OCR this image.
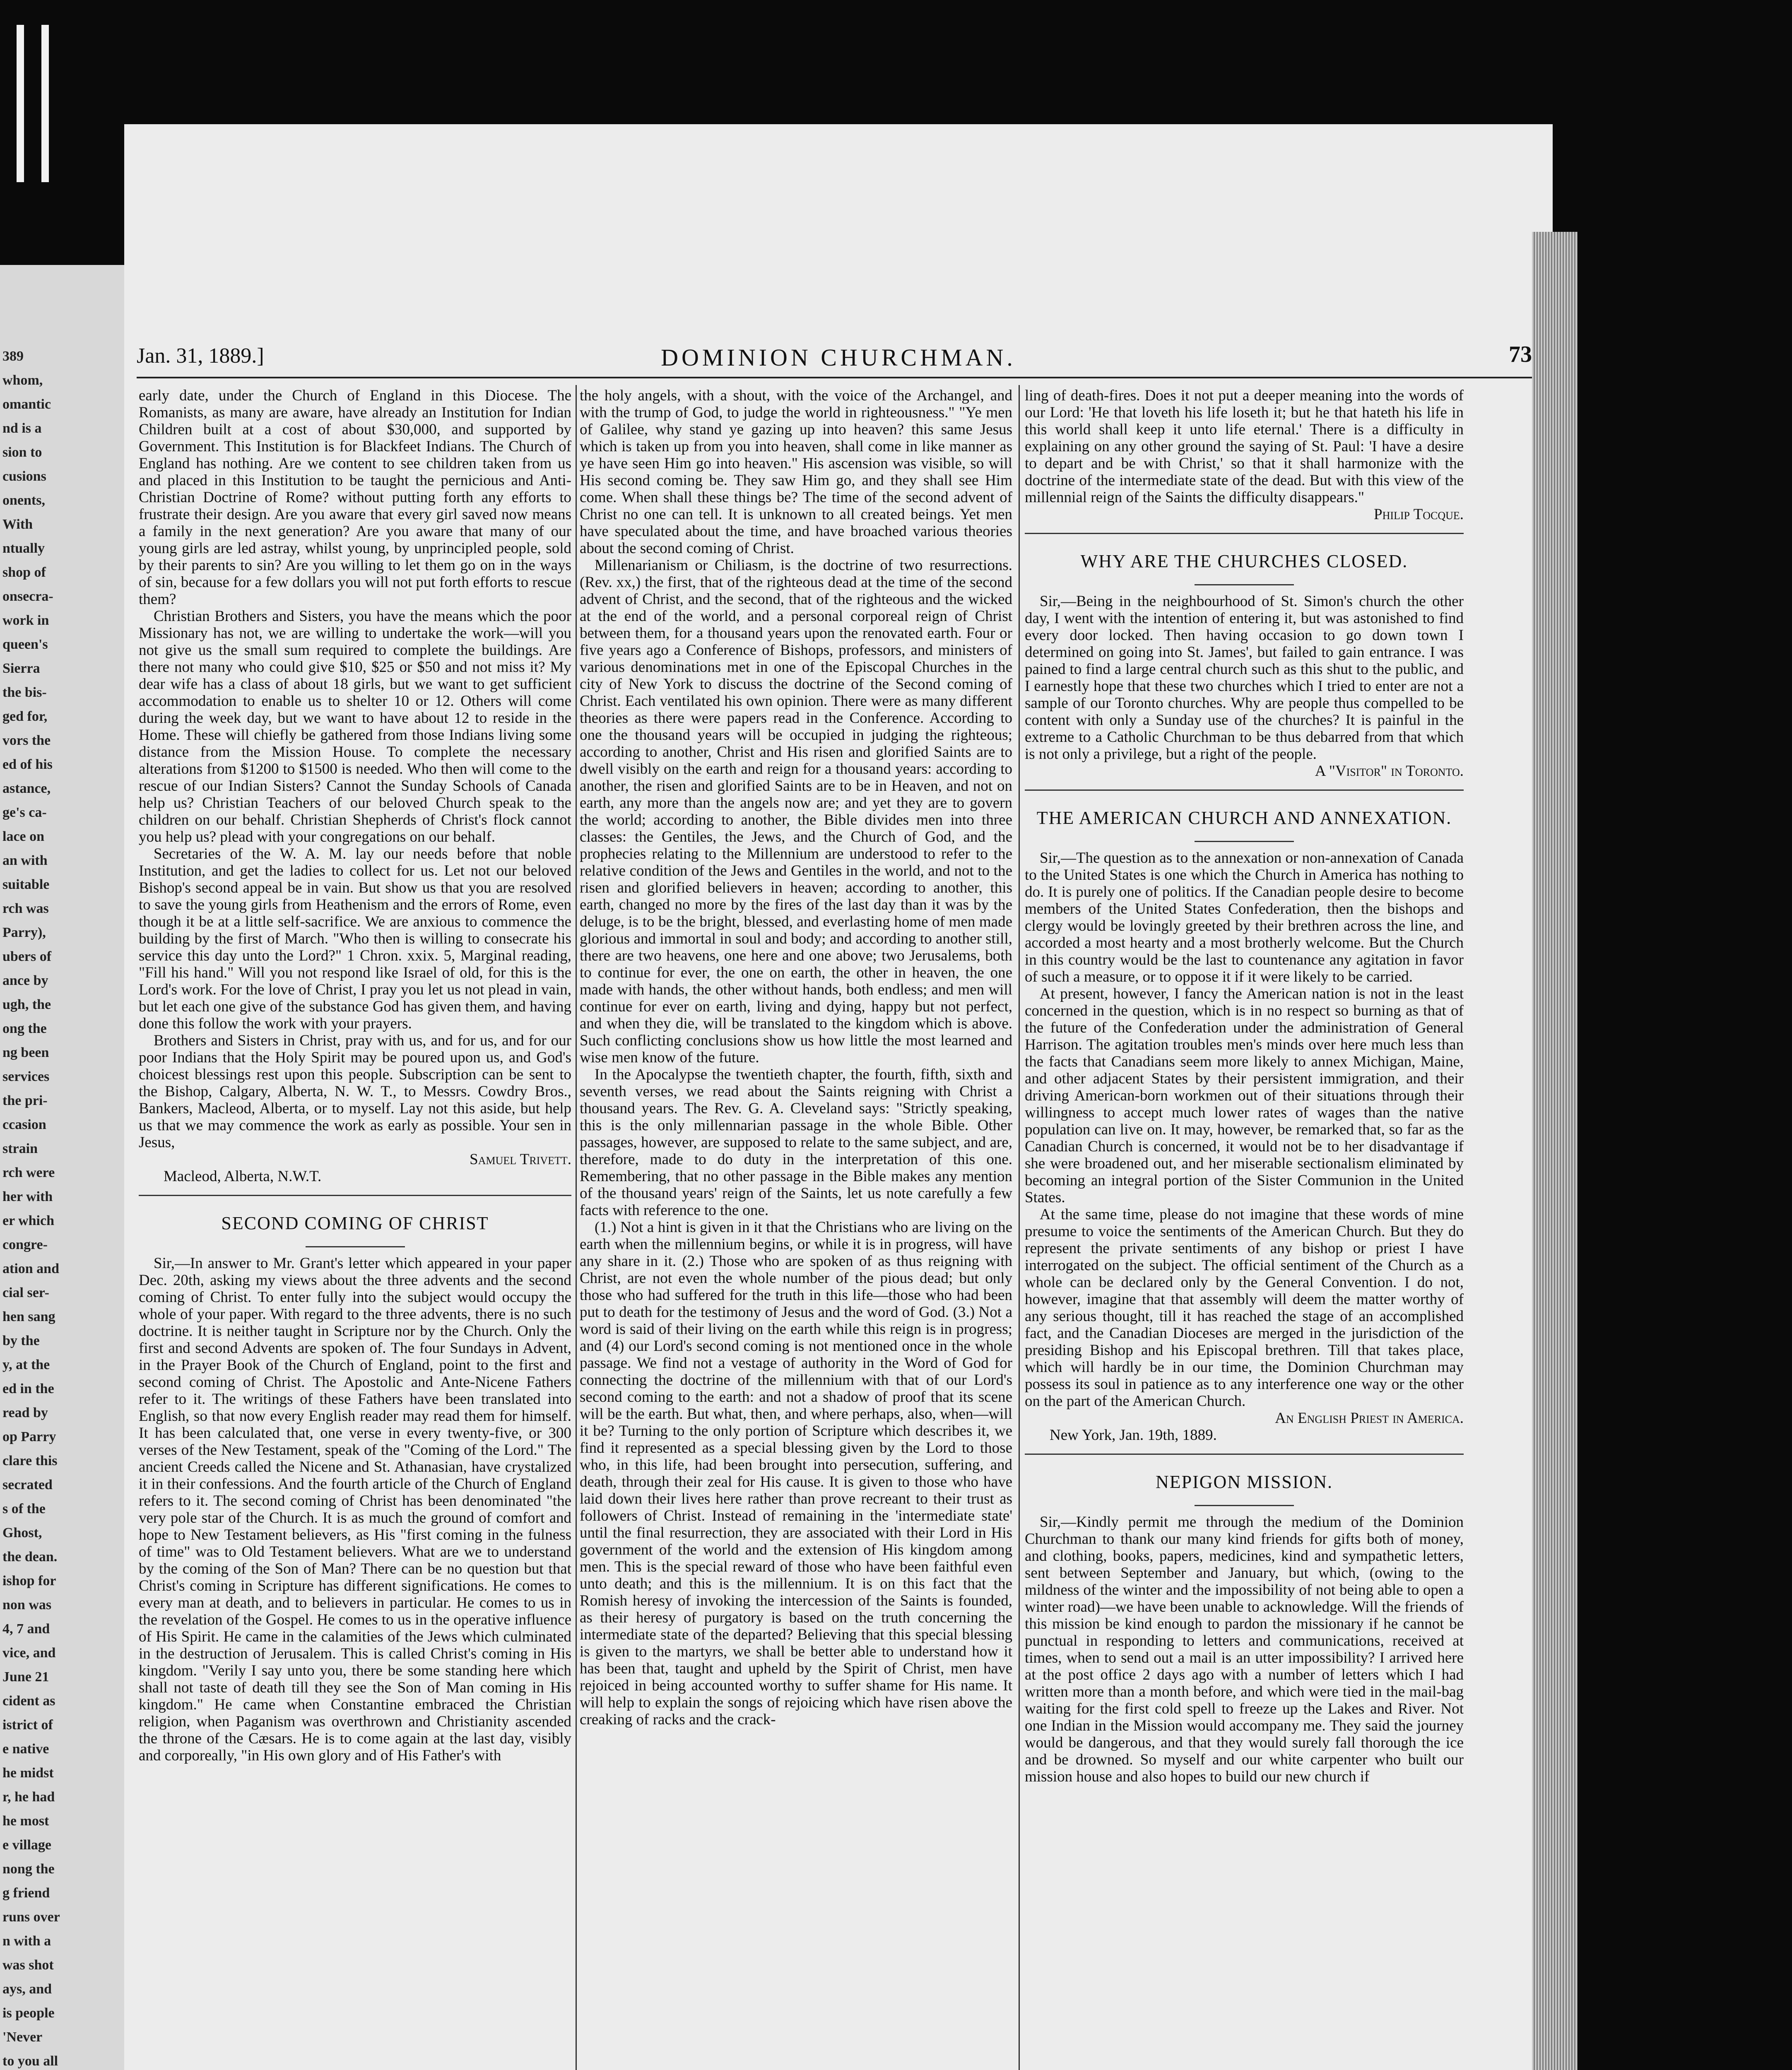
389
whom,
omantic
nd is a
sion to
cusions
onents,
With
ntually
shop of
onsecra-
work in
queen's
Sierra
the bis-
ged for,
vors the
ed of his
astance,
ge's ca-
lace on
an with
suitable
rch was
Parry),
ubers of
ance by
ugh, the
ong the
ng been
services
the pri-
ccasion
strain
rch were
her with
er which
congre-
ation and
cial ser-
hen sang
by the
y, at the
ed in the
read by
op Parry
clare this
secrated
s of the
Ghost,
the dean.
ishop for
non was
4, 7 and
vice, and
June 21
cident as
istrict of
e native
he midst
r, he had
he most
e village
nong the
g friend
runs over
n with a
was shot
ays, and
is people
'Never
to you all
Jan. 31, 1889.]	DOMINION CHURCHMAN.	73

early date, under the Church of England in this Diocese. The Romanists, as many are aware, have already an Institution for Indian Children built at a cost of about $30,000, and supported by Government. This Institution is for Blackfeet Indians. The Church of England has nothing. Are we content to see children taken from us and placed in this Institution to be taught the pernicious and Anti-Christian Doctrine of Rome? without putting forth any efforts to frustrate their design. Are you aware that every girl saved now means a family in the next generation? Are you aware that many of our young girls are led astray, whilst young, by unprincipled people, sold by their parents to sin? Are you willing to let them go on in the ways of sin, because for a few dollars you will not put forth efforts to rescue them?

Christian Brothers and Sisters, you have the means which the poor Missionary has not, we are willing to undertake the work—will you not give us the small sum required to complete the buildings. Are there not many who could give $10, $25 or $50 and not miss it? My dear wife has a class of about 18 girls, but we want to get sufficient accommodation to enable us to shelter 10 or 12. Others will come during the week day, but we want to have about 12 to reside in the Home. These will chiefly be gathered from those Indians living some distance from the Mission House. To complete the necessary alterations from $1200 to $1500 is needed. Who then will come to the rescue of our Indian Sisters? Cannot the Sunday Schools of Canada help us? Christian Teachers of our beloved Church speak to the children on our behalf. Christian Shepherds of Christ's flock cannot you help us? plead with your congregations on our behalf.

Secretaries of the W. A. M. lay our needs before that noble Institution, and get the ladies to collect for us. Let not our beloved Bishop's second appeal be in vain. But show us that you are resolved to save the young girls from Heathenism and the errors of Rome, even though it be at a little self-sacrifice. We are anxious to commence the building by the first of March. "Who then is willing to consecrate his service this day unto the Lord?" 1 Chron. xxix. 5, Marginal reading, "Fill his hand." Will you not respond like Israel of old, for this is the Lord's work. For the love of Christ, I pray you let us not plead in vain, but let each one give of the substance God has given them, and having done this follow the work with your prayers.

Brothers and Sisters in Christ, pray with us, and for us, and for our poor Indians that the Holy Spirit may be poured upon us, and God's choicest blessings rest upon this people. Subscription can be sent to the Bishop, Calgary, Alberta, N. W. T., to Messrs. Cowdry Bros., Bankers, Macleod, Alberta, or to myself. Lay not this aside, but help us that we may commence the work as early as possible. Your sen in Jesus,

Samuel Trivett.

Macleod, Alberta, N.W.T.

SECOND COMING OF CHRIST

Sir,—In answer to Mr. Grant's letter which appeared in your paper Dec. 20th, asking my views about the three advents and the second coming of Christ. To enter fully into the subject would occupy the whole of your paper. With regard to the three advents, there is no such doctrine. It is neither taught in Scripture nor by the Church. Only the first and second Advents are spoken of. The four Sundays in Advent, in the Prayer Book of the Church of England, point to the first and second coming of Christ. The Apostolic and Ante-Nicene Fathers refer to it. The writings of these Fathers have been translated into English, so that now every English reader may read them for himself. It has been calculated that, one verse in every twenty-five, or 300 verses of the New Testament, speak of the "Coming of the Lord." The ancient Creeds called the Nicene and St. Athanasian, have crystalized it in their confessions. And the fourth article of the Church of England refers to it. The second coming of Christ has been denominated "the very pole star of the Church. It is as much the ground of comfort and hope to New Testament believers, as His "first coming in the fulness of time" was to Old Testament believers. What are we to understand by the coming of the Son of Man? There can be no question but that Christ's coming in Scripture has different significations. He comes to every man at death, and to believers in particular. He comes to us in the revelation of the Gospel. He comes to us in the operative influence of His Spirit. He came in the calamities of the Jews which culminated in the destruction of Jerusalem. This is called Christ's coming in His kingdom. "Verily I say unto you, there be some standing here which shall not taste of death till they see the Son of Man coming in His kingdom." He came when Constantine embraced the Christian religion, when Paganism was overthrown and Christianity ascended the throne of the Cæsars. He is to come again at the last day, visibly and corporeally, "in His own glory and of His Father's with

the holy angels, with a shout, with the voice of the Archangel, and with the trump of God, to judge the world in righteousness." "Ye men of Galilee, why stand ye gazing up into heaven? this same Jesus which is taken up from you into heaven, shall come in like manner as ye have seen Him go into heaven." His ascension was visible, so will His second coming be. They saw Him go, and they shall see Him come. When shall these things be? The time of the second advent of Christ no one can tell. It is unknown to all created beings. Yet men have speculated about the time, and have broached various theories about the second coming of Christ.

Millenarianism or Chiliasm, is the doctrine of two resurrections. (Rev. xx,) the first, that of the righteous dead at the time of the second advent of Christ, and the second, that of the righteous and the wicked at the end of the world, and a personal corporeal reign of Christ between them, for a thousand years upon the renovated earth. Four or five years ago a Conference of Bishops, professors, and ministers of various denominations met in one of the Episcopal Churches in the city of New York to discuss the doctrine of the Second coming of Christ. Each ventilated his own opinion. There were as many different theories as there were papers read in the Conference. According to one the thousand years will be occupied in judging the righteous; according to another, Christ and His risen and glorified Saints are to dwell visibly on the earth and reign for a thousand years: according to another, the risen and glorified Saints are to be in Heaven, and not on earth, any more than the angels now are; and yet they are to govern the world; according to another, the Bible divides men into three classes: the Gentiles, the Jews, and the Church of God, and the prophecies relating to the Millennium are understood to refer to the relative condition of the Jews and Gentiles in the world, and not to the risen and glorified believers in heaven; according to another, this earth, changed no more by the fires of the last day than it was by the deluge, is to be the bright, blessed, and everlasting home of men made glorious and immortal in soul and body; and according to another still, there are two heavens, one here and one above; two Jerusalems, both to continue for ever, the one on earth, the other in heaven, the one made with hands, the other without hands, both endless; and men will continue for ever on earth, living and dying, happy but not perfect, and when they die, will be translated to the kingdom which is above. Such conflicting conclusions show us how little the most learned and wise men know of the future.

In the Apocalypse the twentieth chapter, the fourth, fifth, sixth and seventh verses, we read about the Saints reigning with Christ a thousand years. The Rev. G. A. Cleveland says: "Strictly speaking, this is the only millennarian passage in the whole Bible. Other passages, however, are supposed to relate to the same subject, and are, therefore, made to do duty in the interpretation of this one. Remembering, that no other passage in the Bible makes any mention of the thousand years' reign of the Saints, let us note carefully a few facts with reference to the one.

(1.) Not a hint is given in it that the Christians who are living on the earth when the millennium begins, or while it is in progress, will have any share in it. (2.) Those who are spoken of as thus reigning with Christ, are not even the whole number of the pious dead; but only those who had suffered for the truth in this life—those who had been put to death for the testimony of Jesus and the word of God. (3.) Not a word is said of their living on the earth while this reign is in progress; and (4) our Lord's second coming is not mentioned once in the whole passage. We find not a vestage of authority in the Word of God for connecting the doctrine of the millennium with that of our Lord's second coming to the earth: and not a shadow of proof that its scene will be the earth. But what, then, and where perhaps, also, when—will it be? Turning to the only portion of Scripture which describes it, we find it represented as a special blessing given by the Lord to those who, in this life, had been brought into persecution, suffering, and death, through their zeal for His cause. It is given to those who have laid down their lives here rather than prove recreant to their trust as followers of Christ. Instead of remaining in the 'intermediate state' until the final resurrection, they are associated with their Lord in His government of the world and the extension of His kingdom among men. This is the special reward of those who have been faithful even unto death; and this is the millennium. It is on this fact that the Romish heresy of invoking the intercession of the Saints is founded, as their heresy of purgatory is based on the truth concerning the intermediate state of the departed? Believing that this special blessing is given to the martyrs, we shall be better able to understand how it has been that, taught and upheld by the Spirit of Christ, men have rejoiced in being accounted worthy to suffer shame for His name. It will help to explain the songs of rejoicing which have risen above the creaking of racks and the crack-

ling of death-fires. Does it not put a deeper meaning into the words of our Lord: 'He that loveth his life loseth it; but he that hateth his life in this world shall keep it unto life eternal.' There is a difficulty in explaining on any other ground the saying of St. Paul: 'I have a desire to depart and be with Christ,' so that it shall harmonize with the doctrine of the intermediate state of the dead. But with this view of the millennial reign of the Saints the difficulty disappears."

Philip Tocque.

WHY ARE THE CHURCHES CLOSED.

Sir,—Being in the neighbourhood of St. Simon's church the other day, I went with the intention of entering it, but was astonished to find every door locked. Then having occasion to go down town I determined on going into St. James', but failed to gain entrance. I was pained to find a large central church such as this shut to the public, and I earnestly hope that these two churches which I tried to enter are not a sample of our Toronto churches. Why are people thus compelled to be content with only a Sunday use of the churches? It is painful in the extreme to a Catholic Churchman to be thus debarred from that which is not only a privilege, but a right of the people.

A "Visitor" in Toronto.

THE AMERICAN CHURCH AND ANNEXATION.

Sir,—The question as to the annexation or non-annexation of Canada to the United States is one which the Church in America has nothing to do. It is purely one of politics. If the Canadian people desire to become members of the United States Confederation, then the bishops and clergy would be lovingly greeted by their brethren across the line, and accorded a most hearty and a most brotherly welcome. But the Church in this country would be the last to countenance any agitation in favor of such a measure, or to oppose it if it were likely to be carried.

At present, however, I fancy the American nation is not in the least concerned in the question, which is in no respect so burning as that of the future of the Confederation under the administration of General Harrison. The agitation troubles men's minds over here much less than the facts that Canadians seem more likely to annex Michigan, Maine, and other adjacent States by their persistent immigration, and their driving American-born workmen out of their situations through their willingness to accept much lower rates of wages than the native population can live on. It may, however, be remarked that, so far as the Canadian Church is concerned, it would not be to her disadvantage if she were broadened out, and her miserable sectionalism eliminated by becoming an integral portion of the Sister Communion in the United States.

At the same time, please do not imagine that these words of mine presume to voice the sentiments of the American Church. But they do represent the private sentiments of any bishop or priest I have interrogated on the subject. The official sentiment of the Church as a whole can be declared only by the General Convention. I do not, however, imagine that that assembly will deem the matter worthy of any serious thought, till it has reached the stage of an accomplished fact, and the Canadian Dioceses are merged in the jurisdiction of the presiding Bishop and his Episcopal brethren. Till that takes place, which will hardly be in our time, the Dominion Churchman may possess its soul in patience as to any interference one way or the other on the part of the American Church.

An English Priest in America.

New York, Jan. 19th, 1889.

NEPIGON MISSION.

Sir,—Kindly permit me through the medium of the Dominion Churchman to thank our many kind friends for gifts both of money, and clothing, books, papers, medicines, kind and sympathetic letters, sent between September and January, but which, (owing to the mildness of the winter and the impossibility of not being able to open a winter road)—we have been unable to acknowledge. Will the friends of this mission be kind enough to pardon the missionary if he cannot be punctual in responding to letters and communications, received at times, when to send out a mail is an utter impossibility? I arrived here at the post office 2 days ago with a number of letters which I had written more than a month before, and which were tied in the mail-bag waiting for the first cold spell to freeze up the Lakes and River. Not one Indian in the Mission would accompany me. They said the journey would be dangerous, and that they would surely fall thorough the ice and be drowned. So myself and our white carpenter who built our mission house and also hopes to build our new church if
